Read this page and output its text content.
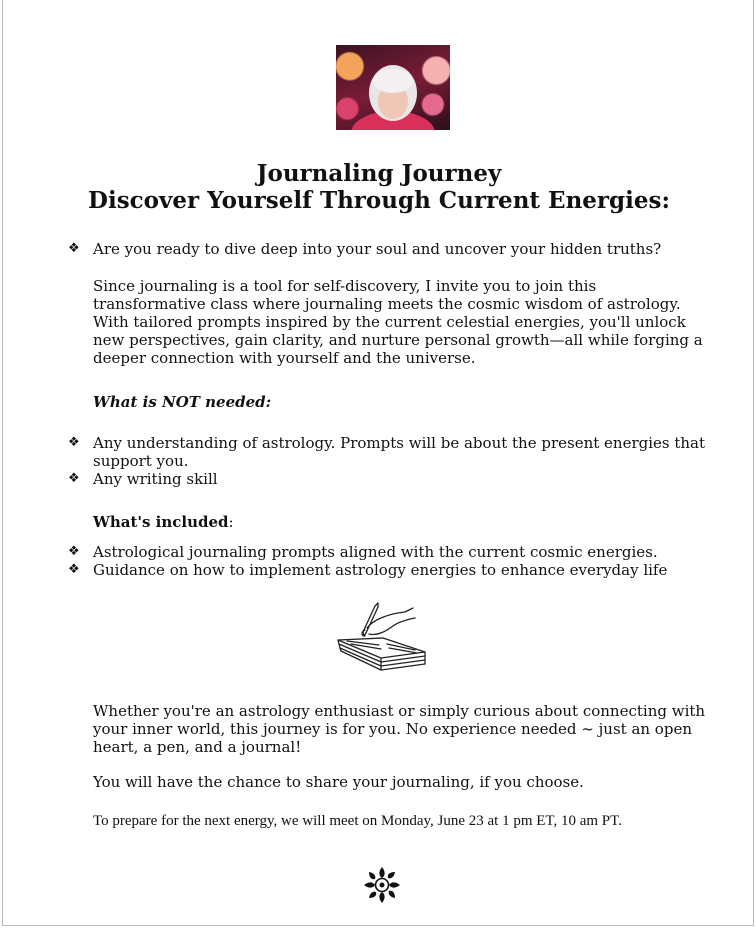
Journaling Journey
Discover Yourself Through Current Energies:
❖ Are you ready to dive deep into your soul and uncover your hidden truths?

Since journaling is a tool for self-discovery, I invite you to join this

transformative class where journaling meets the cosmic wisdom of astrology.

With tailored prompts inspired by the current celestial energies, you'll unlock

new perspectives, gain clarity, and nurture personal growth—all while forging a

deeper connection with yourself and the universe.

What is NOT needed:

❖ Any understanding of astrology. Prompts will be about the present energies that

support you.

❖ Any writing skill

What's included:

❖ Astrological journaling prompts aligned with the current cosmic energies.

❖ Guidance on how to implement astrology energies to enhance everyday life

Whether you're an astrology enthusiast or simply curious about connecting with

your inner world, this journey is for you. No experience needed ~ just an open

heart, a pen, and a journal!

You will have the chance to share your journaling, if you choose.

To prepare for the next energy, we will meet on Monday, June 23 at 1 pm ET, 10 am PT.
